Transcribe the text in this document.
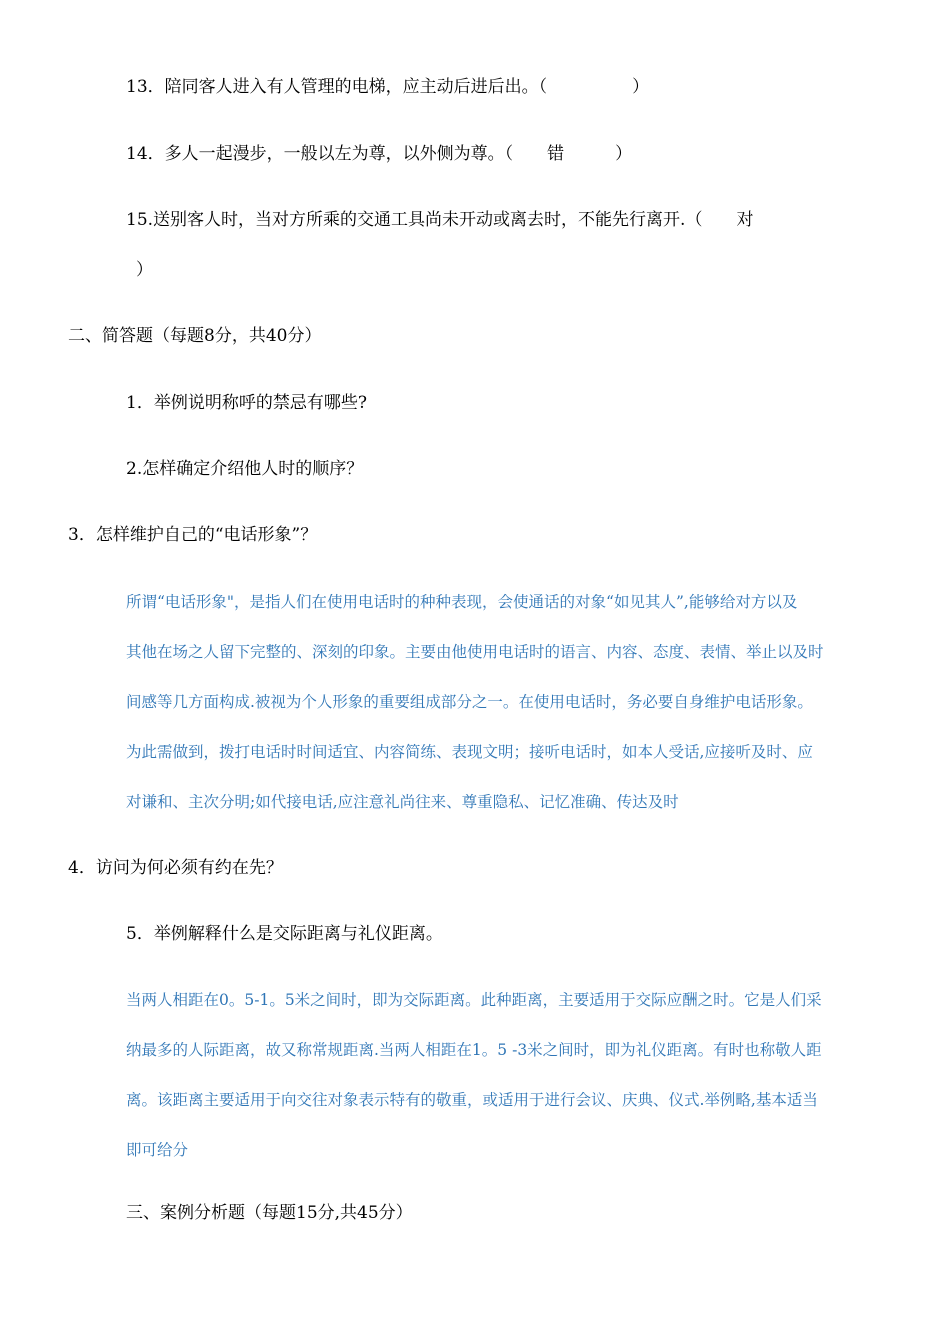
13．陪同客人进入有人管理的电梯，应主动后进后出。（　　　　　）
14．多人一起漫步，一般以左为尊，以外侧为尊。（　　错　　　）
15.送别客人时，当对方所乘的交通工具尚未开动或离去时，不能先行离开.（　　对
）
二、简答题（每题8分，共40分）
1．举例说明称呼的禁忌有哪些?
2.怎样确定介绍他人时的顺序？
3．怎样维护自己的“电话形象”？

所谓“电话形象"，是指人们在使用电话时的种种表现，会使通话的对象“如见其人”,能够给对方以及

其他在场之人留下完整的、深刻的印象。主要由他使用电话时的语言、内容、态度、表情、举止以及时

间感等几方面构成.被视为个人形象的重要组成部分之一。在使用电话时，务必要自身维护电话形象。

为此需做到，拨打电话时时间适宜、内容简练、表现文明；接听电话时，如本人受话,应接听及时、应

对谦和、主次分明;如代接电话,应注意礼尚往来、尊重隐私、记忆准确、传达及时

4．访问为何必须有约在先？
5．举例解释什么是交际距离与礼仪距离。

当两人相距在0。5-1。5米之间时，即为交际距离。此种距离，主要适用于交际应酬之时。它是人们采

纳最多的人际距离，故又称常规距离.当两人相距在1。5 -3米之间时，即为礼仪距离。有时也称敬人距

离。该距离主要适用于向交往对象表示特有的敬重，或适用于进行会议、庆典、仪式.举例略,基本适当

即可给分

三、案例分析题（每题15分,共45分）
